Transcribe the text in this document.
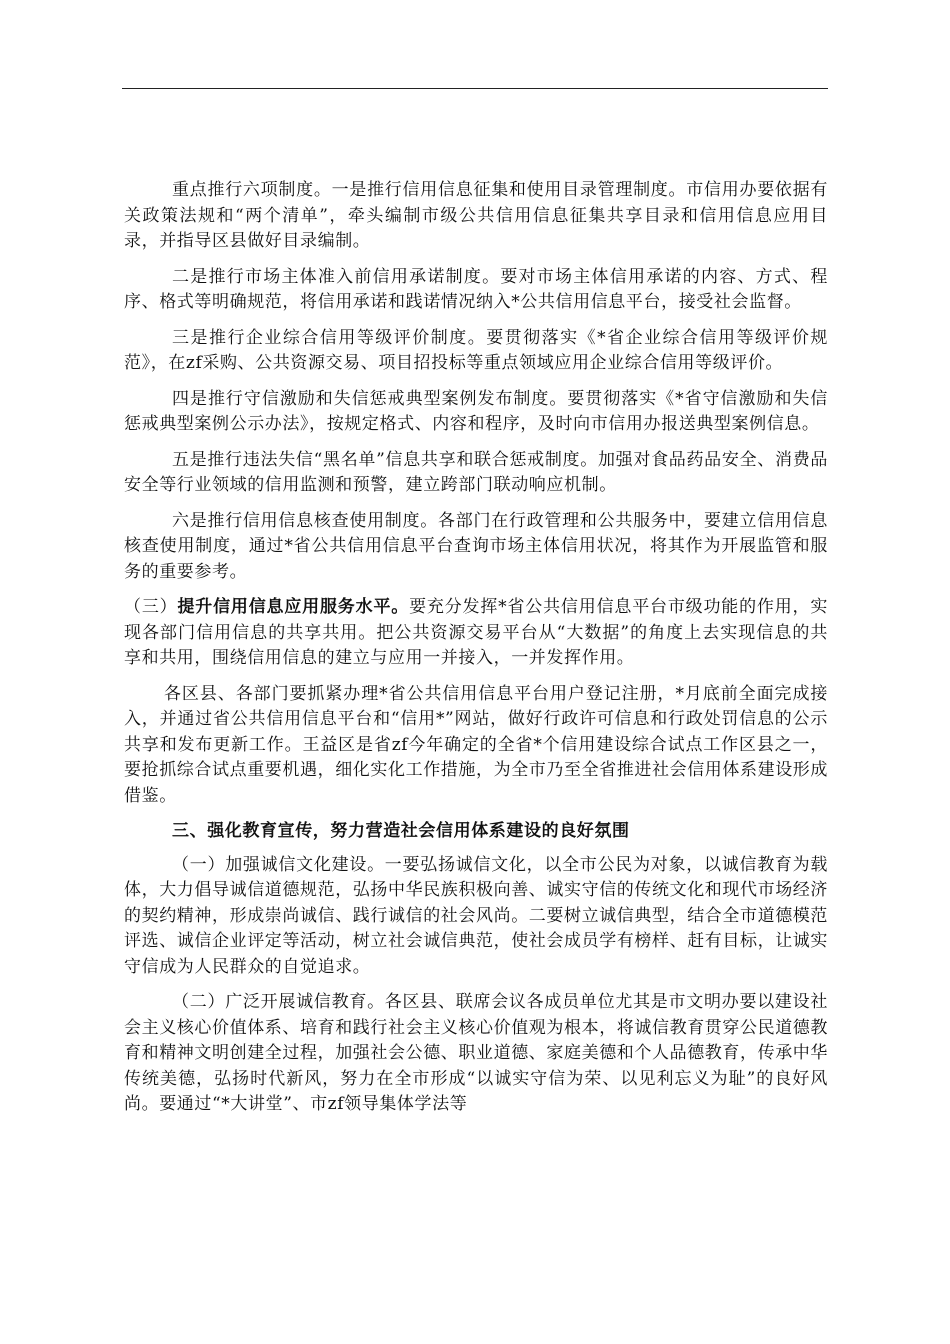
重点推行六项制度。一是推行信用信息征集和使用目录管理制度。市信用办要依据有关政策法规和“两个清单”，牵头编制市级公共信用信息征集共享目录和信用信息应用目录，并指导区县做好目录编制。

二是推行市场主体准入前信用承诺制度。要对市场主体信用承诺的内容、方式、程序、格式等明确规范，将信用承诺和践诺情况纳入*公共信用信息平台，接受社会监督。

三是推行企业综合信用等级评价制度。要贯彻落实《*省企业综合信用等级评价规范》，在zf采购、公共资源交易、项目招投标等重点领域应用企业综合信用等级评价。

四是推行守信激励和失信惩戒典型案例发布制度。要贯彻落实《*省守信激励和失信惩戒典型案例公示办法》，按规定格式、内容和程序，及时向市信用办报送典型案例信息。

五是推行违法失信“黑名单”信息共享和联合惩戒制度。加强对食品药品安全、消费品安全等行业领域的信用监测和预警，建立跨部门联动响应机制。

六是推行信用信息核查使用制度。各部门在行政管理和公共服务中，要建立信用信息核查使用制度，通过*省公共信用信息平台查询市场主体信用状况，将其作为开展监管和服务的重要参考。

（三）提升信用信息应用服务水平。要充分发挥*省公共信用信息平台市级功能的作用，实现各部门信用信息的共享共用。把公共资源交易平台从“大数据”的角度上去实现信息的共享和共用，围绕信用信息的建立与应用一并接入，一并发挥作用。

各区县、各部门要抓紧办理*省公共信用信息平台用户登记注册，*月底前全面完成接入，并通过省公共信用信息平台和“信用*”网站，做好行政许可信息和行政处罚信息的公示共享和发布更新工作。王益区是省zf今年确定的全省*个信用建设综合试点工作区县之一，要抢抓综合试点重要机遇，细化实化工作措施，为全市乃至全省推进社会信用体系建设形成借鉴。

三、强化教育宣传，努力营造社会信用体系建设的良好氛围

（一）加强诚信文化建设。一要弘扬诚信文化，以全市公民为对象，以诚信教育为载体，大力倡导诚信道德规范，弘扬中华民族积极向善、诚实守信的传统文化和现代市场经济的契约精神，形成崇尚诚信、践行诚信的社会风尚。二要树立诚信典型，结合全市道德模范评选、诚信企业评定等活动，树立社会诚信典范，使社会成员学有榜样、赶有目标，让诚实守信成为人民群众的自觉追求。

（二）广泛开展诚信教育。各区县、联席会议各成员单位尤其是市文明办要以建设社会主义核心价值体系、培育和践行社会主义核心价值观为根本，将诚信教育贯穿公民道德教育和精神文明创建全过程，加强社会公德、职业道德、家庭美德和个人品德教育，传承中华传统美德，弘扬时代新风，努力在全市形成“以诚实守信为荣、以见利忘义为耻”的良好风尚。要通过“*大讲堂”、市zf领导集体学法等
